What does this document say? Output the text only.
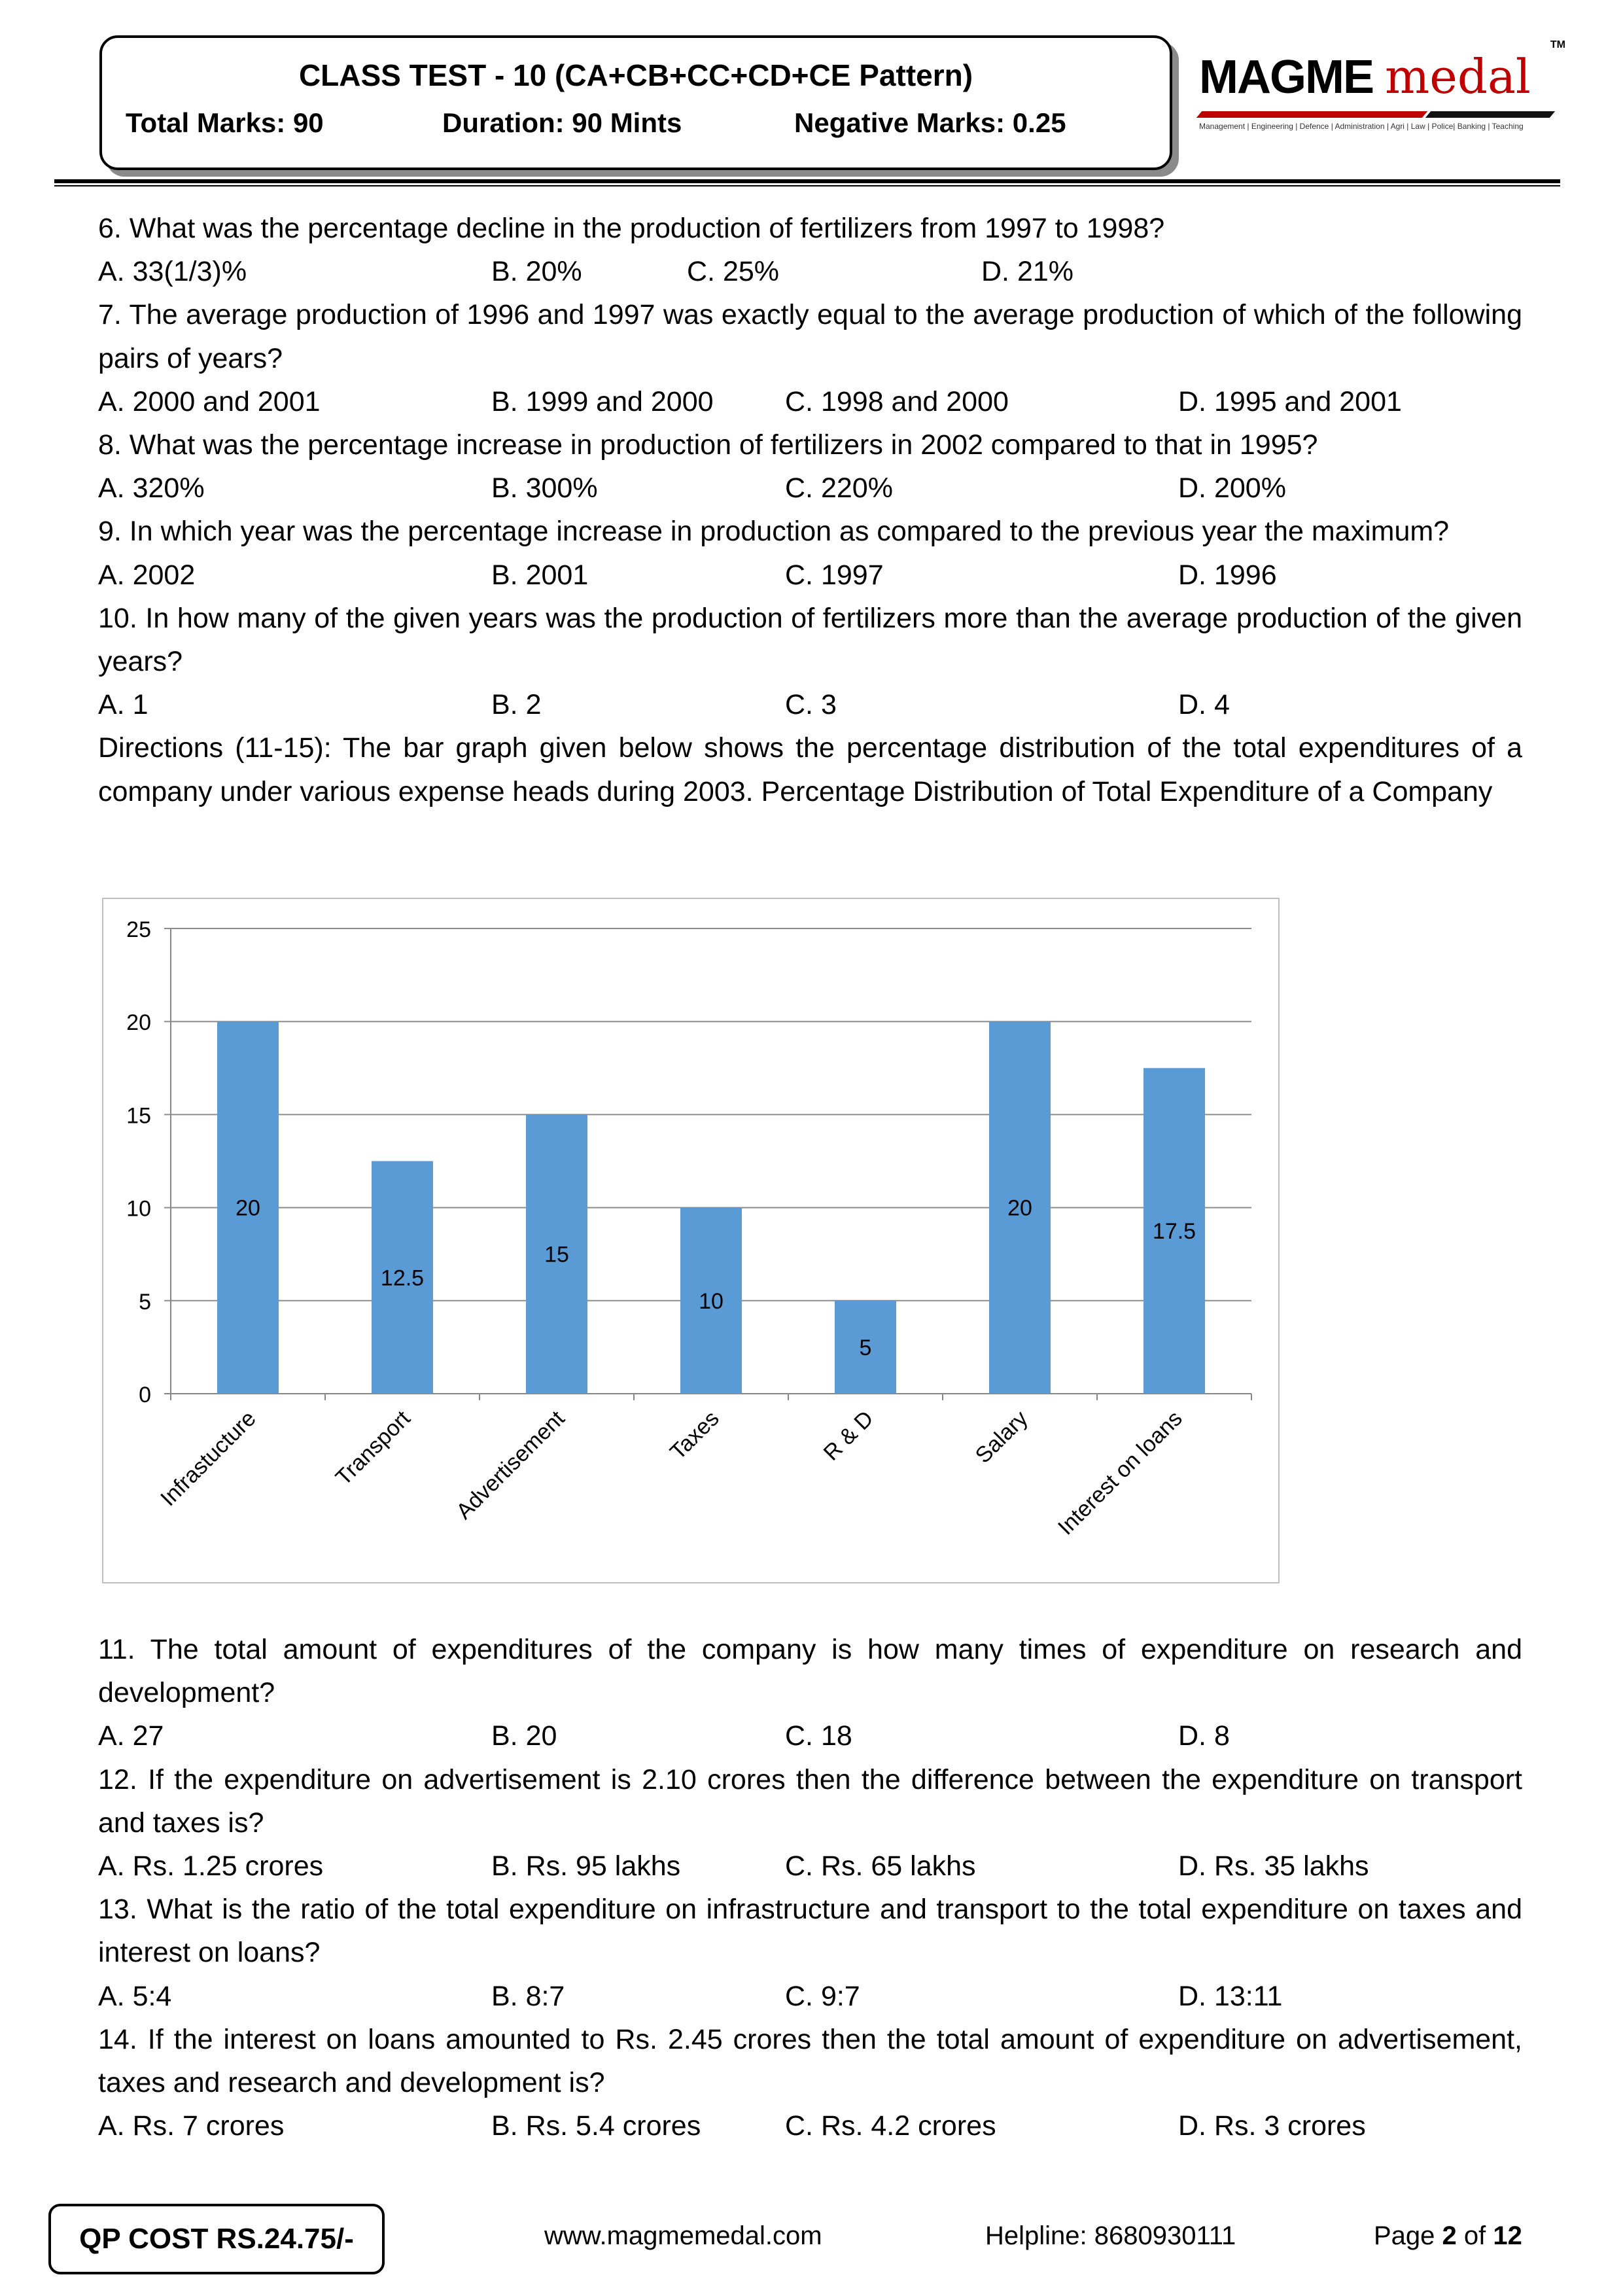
CLASS TEST - 10 (CA+CB+CC+CD+CE Pattern)
Total Marks: 90	Duration: 90 Mints	Negative Marks: 0.25
MAGME medal
TM
Management | Engineering | Defence | Administration | Agri | Law | Police| Banking | Teaching
6. What was the percentage decline in the production of fertilizers from 1997 to 1998?
A. 33(1/3)%	B. 20%	C. 25%	D. 21%
7. The average production of 1996 and 1997 was exactly equal to the average production of which of the following pairs of years?
A. 2000 and 2001	B. 1999 and 2000	C. 1998 and 2000	D. 1995 and 2001
8. What was the percentage increase in production of fertilizers in 2002 compared to that in 1995?
A. 320%	B. 300%	C. 220%	D. 200%
9. In which year was the percentage increase in production as compared to the previous year the maximum?
A. 2002	B. 2001	C. 1997	D. 1996
10. In how many of the given years was the production of fertilizers more than the average production of the given years?
A. 1	B. 2	C. 3	D. 4
Directions (11-15): The bar graph given below shows the percentage distribution of the total expenditures of a company under various expense heads during 2003. Percentage Distribution of Total Expenditure of a Company
0
5
10
15
20
25
20
Infrastucture
12.5
Transport
15
Advertisement
10
Taxes
5
R & D
20
Salary
17.5
Interest on loans
11. The total amount of expenditures of the company is how many times of expenditure on research and development?
A. 27	B. 20	C. 18	D. 8
12. If the expenditure on advertisement is 2.10 crores then the difference between the expenditure on transport and taxes is?
A. Rs. 1.25 crores	B. Rs. 95 lakhs	C. Rs. 65 lakhs	D. Rs. 35 lakhs
13. What is the ratio of the total expenditure on infrastructure and transport to the total expenditure on taxes and interest on loans?
A. 5:4	B. 8:7	C. 9:7	D. 13:11
14. If the interest on loans amounted to Rs. 2.45 crores then the total amount of expenditure on advertisement, taxes and research and development is?
A. Rs. 7 crores	B. Rs. 5.4 crores	C. Rs. 4.2 crores	D. Rs. 3 crores
QP COST RS.24.75/-	www.magmemedal.com	Helpline: 8680930111	Page 2 of 12
